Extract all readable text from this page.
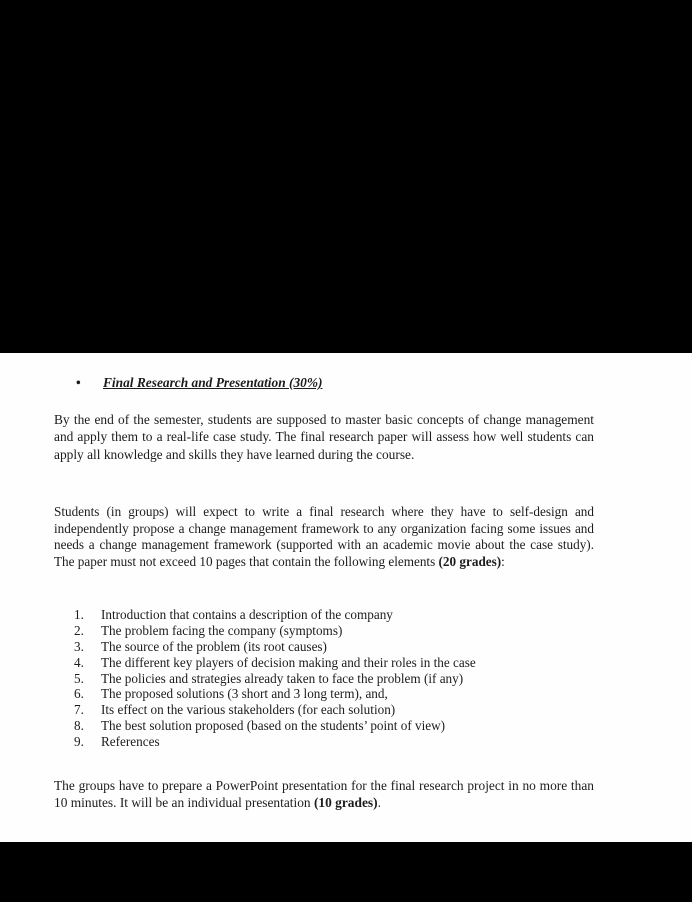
• Final Research and Presentation (30%)

By the end of the semester, students are supposed to master basic concepts of change management and apply them to a real-life case study. The final research paper will assess how well students can apply all knowledge and skills they have learned during the course.

Students (in groups) will expect to write a final research where they have to self-design and independently propose a change management framework to any organization facing some issues and needs a change management framework (supported with an academic movie about the case study). The paper must not exceed 10 pages that contain the following elements (20 grades):

1. Introduction that contains a description of the company
2. The problem facing the company (symptoms)
3. The source of the problem (its root causes)
4. The different key players of decision making and their roles in the case
5. The policies and strategies already taken to face the problem (if any)
6. The proposed solutions (3 short and 3 long term), and,
7. Its effect on the various stakeholders (for each solution)
8. The best solution proposed (based on the students’ point of view)
9. References

The groups have to prepare a PowerPoint presentation for the final research project in no more than 10 minutes. It will be an individual presentation (10 grades).
